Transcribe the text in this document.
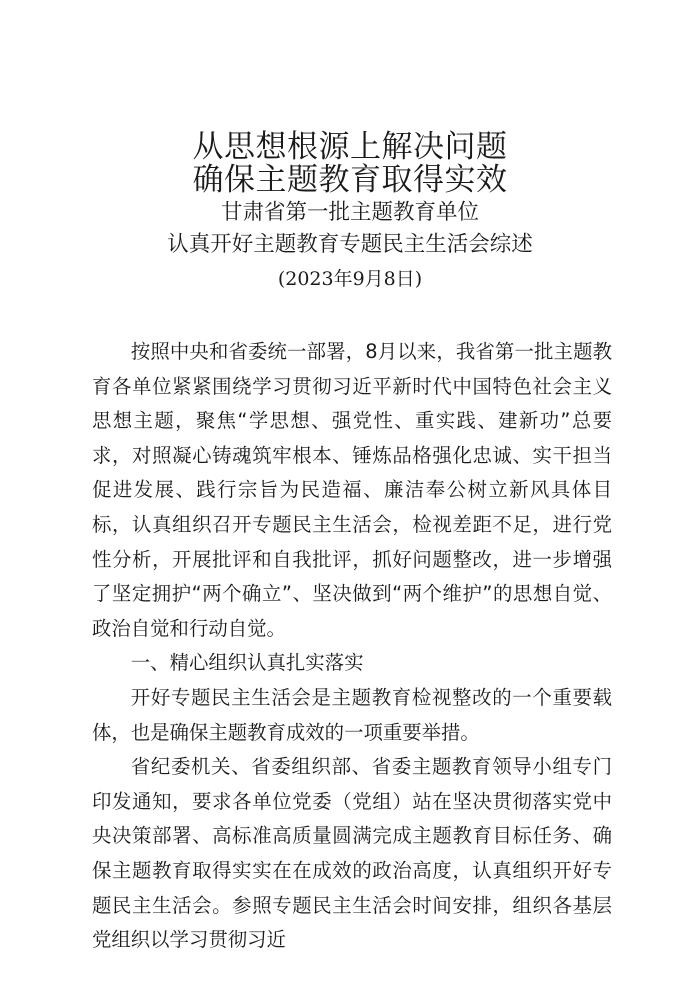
从思想根源上解决问题
确保主题教育取得实效
甘肃省第一批主题教育单位
认真开好主题教育专题民主生活会综述
(2023年9月8日)

按照中央和省委统一部署，8月以来，我省第一批主题教育各单位紧紧围绕学习贯彻习近平新时代中国特色社会主义思想主题，聚焦“学思想、强党性、重实践、建新功”总要求，对照凝心铸魂筑牢根本、锤炼品格强化忠诚、实干担当促进发展、践行宗旨为民造福、廉洁奉公树立新风具体目标，认真组织召开专题民主生活会，检视差距不足，进行党性分析，开展批评和自我批评，抓好问题整改，进一步增强了坚定拥护“两个确立”、坚决做到“两个维护”的思想自觉、政治自觉和行动自觉。

一、精心组织认真扎实落实

开好专题民主生活会是主题教育检视整改的一个重要载体，也是确保主题教育成效的一项重要举措。

省纪委机关、省委组织部、省委主题教育领导小组专门印发通知，要求各单位党委（党组）站在坚决贯彻落实党中央决策部署、高标准高质量圆满完成主题教育目标任务、确保主题教育取得实实在在成效的政治高度，认真组织开好专题民主生活会。参照专题民主生活会时间安排，组织各基层党组织以学习贯彻习近
